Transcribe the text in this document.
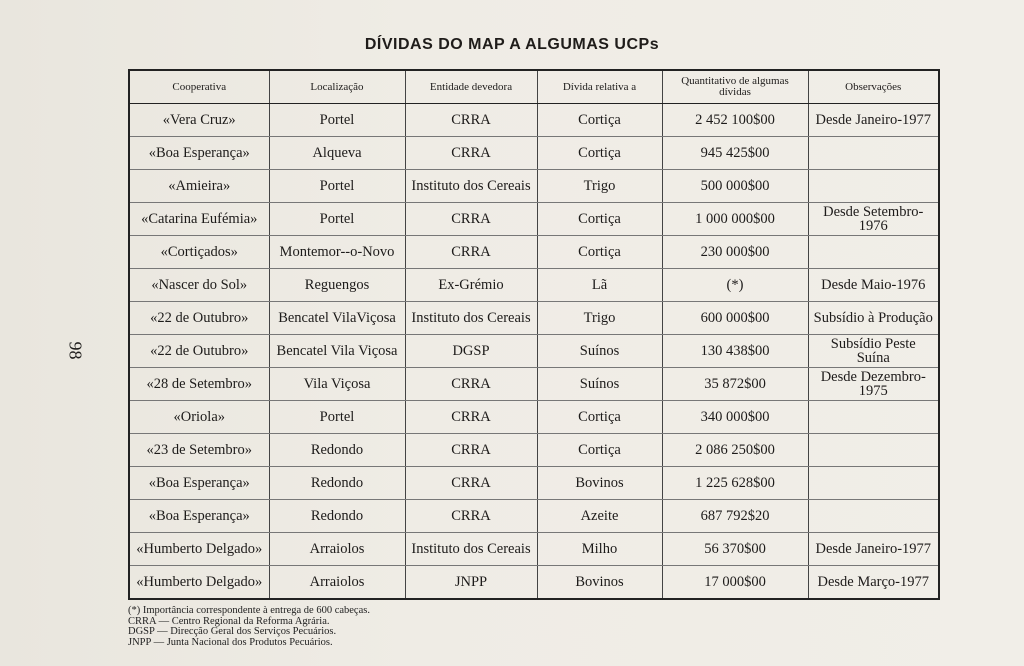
DÍVIDAS DO MAP A ALGUMAS UCPs
98
Cooperativa	Localização	Entidade devedora	Dívida relativa a	Quantitativo de algumas dívidas	Observações
«Vera Cruz»	Portel	CRRA	Cortiça	2 452 100$00	Desde Janeiro-1977
«Boa Esperança»	Alqueva	CRRA	Cortiça	945 425$00	
«Amieira»	Portel	Instituto dos Cereais	Trigo	500 000$00	
«Catarina Eufémia»	Portel	CRRA	Cortiça	1 000 000$00	Desde Setembro-1976
«Cortiçados»	Montemor--o-Novo	CRRA	Cortiça	230 000$00	
«Nascer do Sol»	Reguengos	Ex-Grémio	Lã	(*)	Desde Maio-1976
«22 de Outubro»	Bencatel VilaViçosa	Instituto dos Cereais	Trigo	600 000$00	Subsídio à Produção
«22 de Outubro»	Bencatel Vila Viçosa	DGSP	Suínos	130 438$00	Subsídio Peste Suína
«28 de Setembro»	Vila Viçosa	CRRA	Suínos	35 872$00	Desde Dezembro-1975
«Oriola»	Portel	CRRA	Cortiça	340 000$00	
«23 de Setembro»	Redondo	CRRA	Cortiça	2 086 250$00	
«Boa Esperança»	Redondo	CRRA	Bovinos	1 225 628$00	
«Boa Esperança»	Redondo	CRRA	Azeite	687 792$20	
«Humberto Delgado»	Arraiolos	Instituto dos Cereais	Milho	56 370$00	Desde Janeiro-1977
«Humberto Delgado»	Arraiolos	JNPP	Bovinos	17 000$00	Desde Março-1977
(*) Importância correspondente à entrega de 600 cabeças.
CRRA — Centro Regional da Reforma Agrária.
DGSP — Direcção Geral dos Serviços Pecuários.
JNPP — Junta Nacional dos Produtos Pecuários.
